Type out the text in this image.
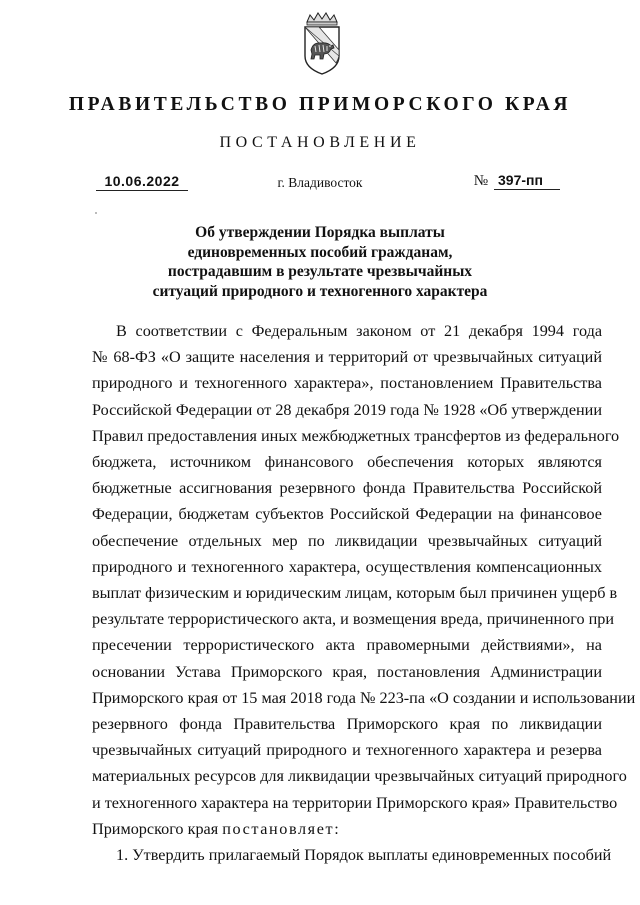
ПРАВИТЕЛЬСТВО ПРИМОРСКОГО КРАЯ
ПОСТАНОВЛЕНИЕ
10.06.2022	г. Владивосток	№ 397-пп
Об утверждении Порядка выплаты
единовременных пособий гражданам,
пострадавшим в результате чрезвычайных
ситуаций природного и техногенного характера
В соответствии с Федеральным законом от 21 декабря 1994 года
№ 68-ФЗ «О защите населения и территорий от чрезвычайных ситуаций
природного и техногенного характера», постановлением Правительства
Российской Федерации от 28 декабря 2019 года № 1928 «Об утверждении
Правил предоставления иных межбюджетных трансфертов из федерального
бюджета, источником финансового обеспечения которых являются
бюджетные ассигнования резервного фонда Правительства Российской
Федерации, бюджетам субъектов Российской Федерации на финансовое
обеспечение отдельных мер по ликвидации чрезвычайных ситуаций
природного и техногенного характера, осуществления компенсационных
выплат физическим и юридическим лицам, которым был причинен ущерб в
результате террористического акта, и возмещения вреда, причиненного при
пресечении террористического акта правомерными действиями», на
основании Устава Приморского края, постановления Администрации
Приморского края от 15 мая 2018 года № 223-па «О создании и использовании
резервного фонда Правительства Приморского края по ликвидации
чрезвычайных ситуаций природного и техногенного характера и резерва
материальных ресурсов для ликвидации чрезвычайных ситуаций природного
и техногенного характера на территории Приморского края» Правительство
Приморского края постановляет:
1. Утвердить прилагаемый Порядок выплаты единовременных пособий
